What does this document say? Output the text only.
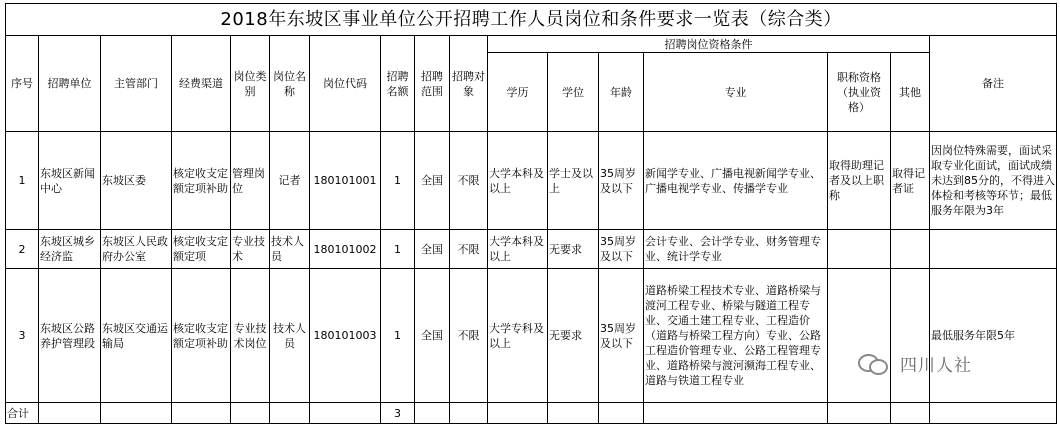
2018年东坡区事业单位公开招聘工作人员岗位和条件要求一览表（综合类）																
序号	招聘单位	主管部门	经费渠道	岗位类别	岗位名称	岗位代码	招聘名额	招聘范围	招聘对象	招聘岗位资格条件						备注
										学历	学位	年龄	专业	职称资格（执业资格）	其他	
1	东坡区新闻中心	东坡区委	核定收支定额定项补助	管理岗位	记者	180101001	1	全国	不限	大学本科及以上	学士及以上	35周岁及以下	新闻学专业、广播电视新闻学专业、广播电视学专业、传播学专业	取得助理记者及以上职称	取得记者证	因岗位特殊需要，面试采取专业化面试，面试成绩未达到85分的，不得进入体检和考核等环节；最低服务年限为3年
2	东坡区城乡经济监	东坡区人民政府办公室	核定收支定额定项	专业技术	技术人员	180101002	1	全国	不限	大学本科及以上	无要求	35周岁及以下	会计专业、会计学专业、财务管理专业、统计学专业			
3	东坡区公路养护管理段	东坡区交通运输局	核定收支定额定项补助	专业技术岗位	技术人员	180101003	1	全国	不限	大学专科及以上	无要求	35周岁及以下	道路桥梁工程技术专业、道路桥梁与渡河工程专业、桥梁与隧道工程专业、交通土建工程专业、工程造价（道路与桥梁工程方向）专业、公路工程造价管理专业、公路工程管理专业、道路桥梁与渡河濒海工程专业、道路与铁道工程专业			最低服务年限5年
合计							3									
四川人社
